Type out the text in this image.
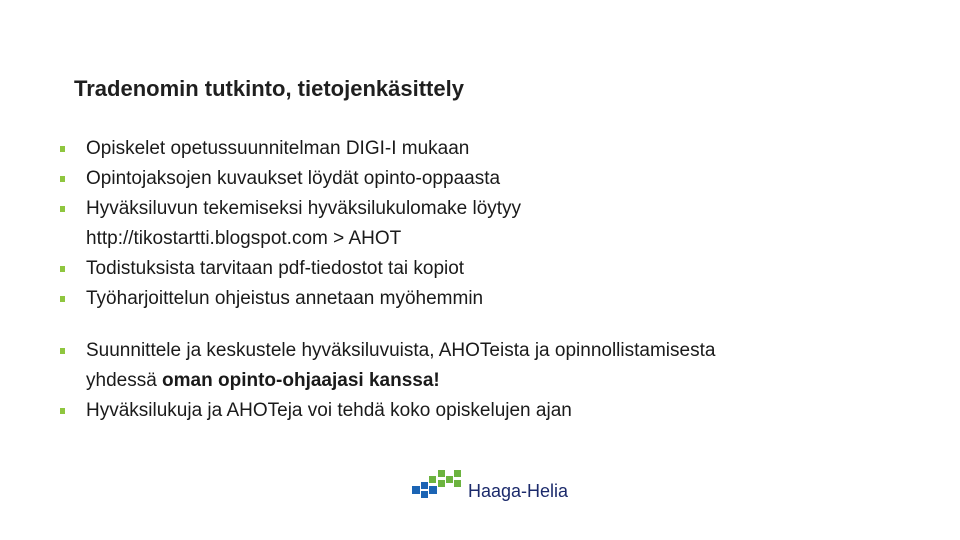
Tradenomin tutkinto, tietojenkäsittely
Opiskelet opetussuunnitelman DIGI-I mukaan
Opintojaksojen kuvaukset löydät opinto-oppaasta
Hyväksiluvun tekemiseksi hyväksilukulomake löytyy
http://tikostartti.blogspot.com > AHOT
Todistuksista tarvitaan pdf-tiedostot tai kopiot
Työharjoittelun ohjeistus annetaan myöhemmin
Suunnittele ja keskustele hyväksiluvuista, AHOTeista ja opinnollistamisesta
yhdessä oman opinto-ohjaajasi kanssa!
Hyväksilukuja ja AHOTeja voi tehdä koko opiskelujen ajan
Haaga-Helia
